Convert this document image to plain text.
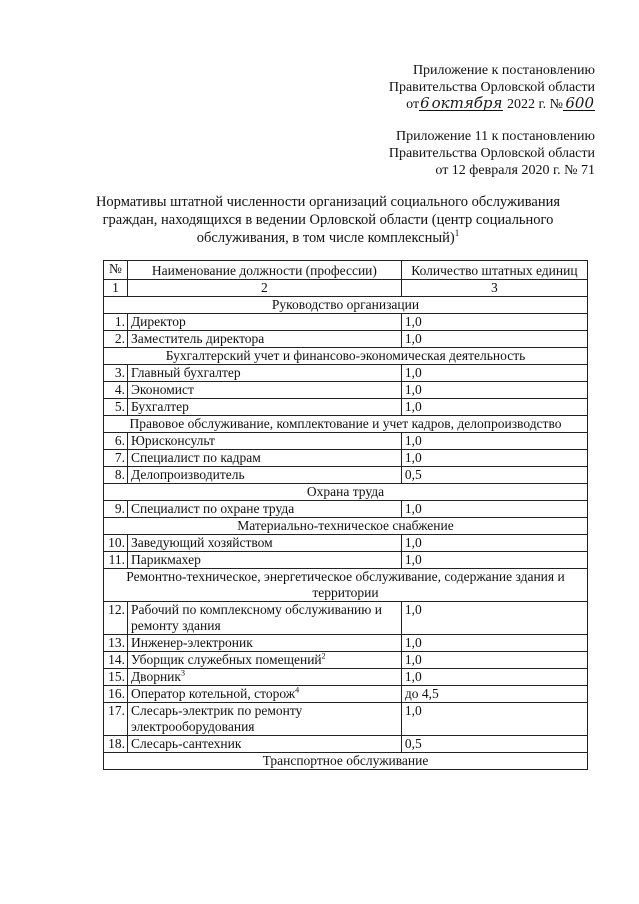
Приложение к постановлению
Правительства Орловской области
от6 октября 2022 г. № 600
Приложение 11 к постановлению
Правительства Орловской области
от 12 февраля 2020 г. № 71
Нормативы штатной численности организаций социального обслуживания граждан, находящихся в ведении Орловской области (центр социального обслуживания, в том числе комплексный)$^1$
№	Наименование должности (профессии)	Количество штатных единиц
1	2	3
Руководство организации		
1.	Директор	1,0
2.	Заместитель директора	1,0
Бухгалтерский учет и финансово-экономическая деятельность		
3.	Главный бухгалтер	1,0
4.	Экономист	1,0
5.	Бухгалтер	1,0
Правовое обслуживание, комплектование и учет кадров, делопроизводство		
6.	Юрисконсульт	1,0
7.	Специалист по кадрам	1,0
8.	Делопроизводитель	0,5
Охрана труда		
9.	Специалист по охране труда	1,0
Материально-техническое снабжение		
10.	Заведующий хозяйством	1,0
11.	Парикмахер	1,0
Ремонтно-техническое, энергетическое обслуживание, содержание здания и территории		
12.	Рабочий по комплексному обслуживанию и ремонту здания	1,0
13.	Инженер-электроник	1,0
14.	Уборщик служебных помещений$^2$	1,0
15.	Дворник$^3$	1,0
16.	Оператор котельной, сторож$^4$	до 4,5
17.	Слесарь-электрик по ремонту электрооборудования	1,0
18.	Слесарь-сантехник	0,5
Транспортное обслуживание		
